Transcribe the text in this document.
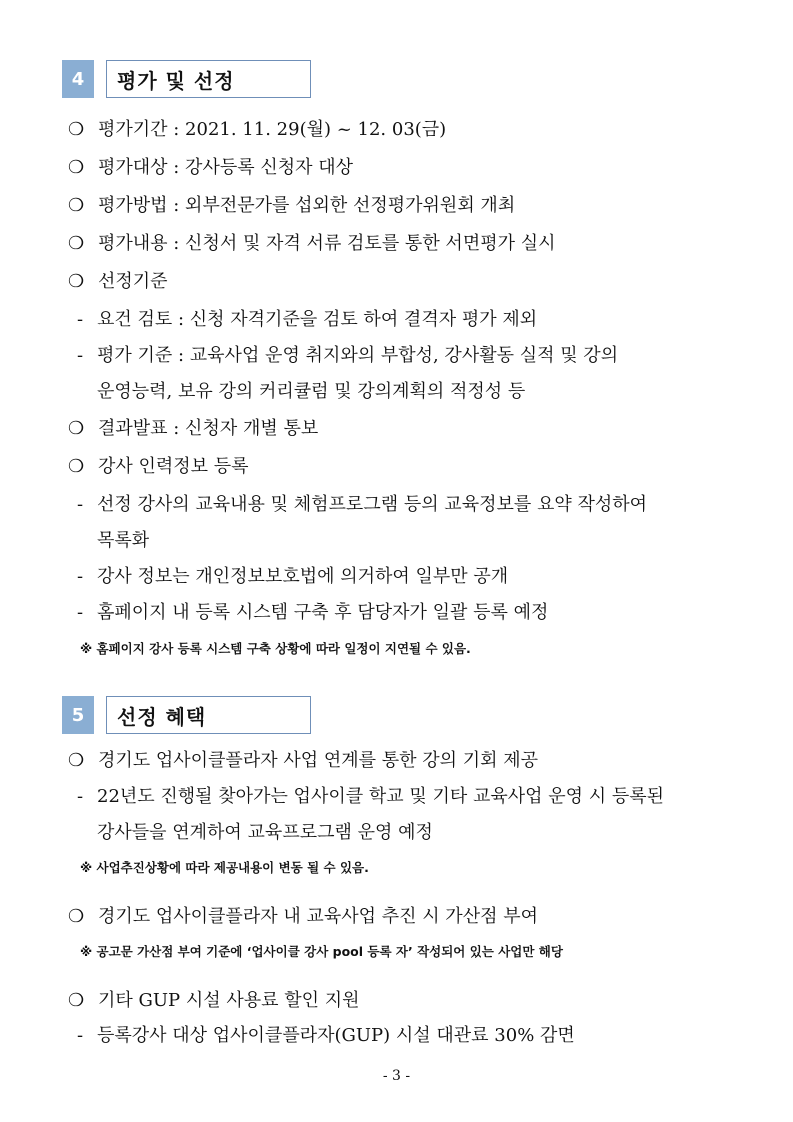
4	평가 및 선정
❍ 평가기간 : 2021. 11. 29(월) ~ 12. 03(금)
❍ 평가대상 : 강사등록 신청자 대상
❍ 평가방법 : 외부전문가를 섭외한 선정평가위원회 개최
❍ 평가내용 : 신청서 및 자격 서류 검토를 통한 서면평가 실시
❍ 선정기준
- 요건 검토 : 신청 자격기준을 검토 하여 결격자 평가 제외
- 평가 기준 : 교육사업 운영 취지와의 부합성, 강사활동 실적 및 강의
운영능력, 보유 강의 커리큘럼 및 강의계획의 적정성 등
❍ 결과발표 : 신청자 개별 통보
❍ 강사 인력정보 등록
- 선정 강사의 교육내용 및 체험프로그램 등의 교육정보를 요약 작성하여
목록화
- 강사 정보는 개인정보보호법에 의거하여 일부만 공개
- 홈페이지 내 등록 시스템 구축 후 담당자가 일괄 등록 예정
※ 홈페이지 강사 등록 시스템 구축 상황에 따라 일정이 지연될 수 있음.
5	선정 혜택
❍ 경기도 업사이클플라자 사업 연계를 통한 강의 기회 제공
- 22년도 진행될 찾아가는 업사이클 학교 및 기타 교육사업 운영 시 등록된
강사들을 연계하여 교육프로그램 운영 예정
※ 사업추진상황에 따라 제공내용이 변동 될 수 있음.
❍ 경기도 업사이클플라자 내 교육사업 추진 시 가산점 부여
※ 공고문 가산점 부여 기준에 ‘업사이클 강사 pool 등록 자’ 작성되어 있는 사업만 해당
❍ 기타 GUP 시설 사용료 할인 지원
- 등록강사 대상 업사이클플라자(GUP) 시설 대관료 30% 감면
- 3 -
